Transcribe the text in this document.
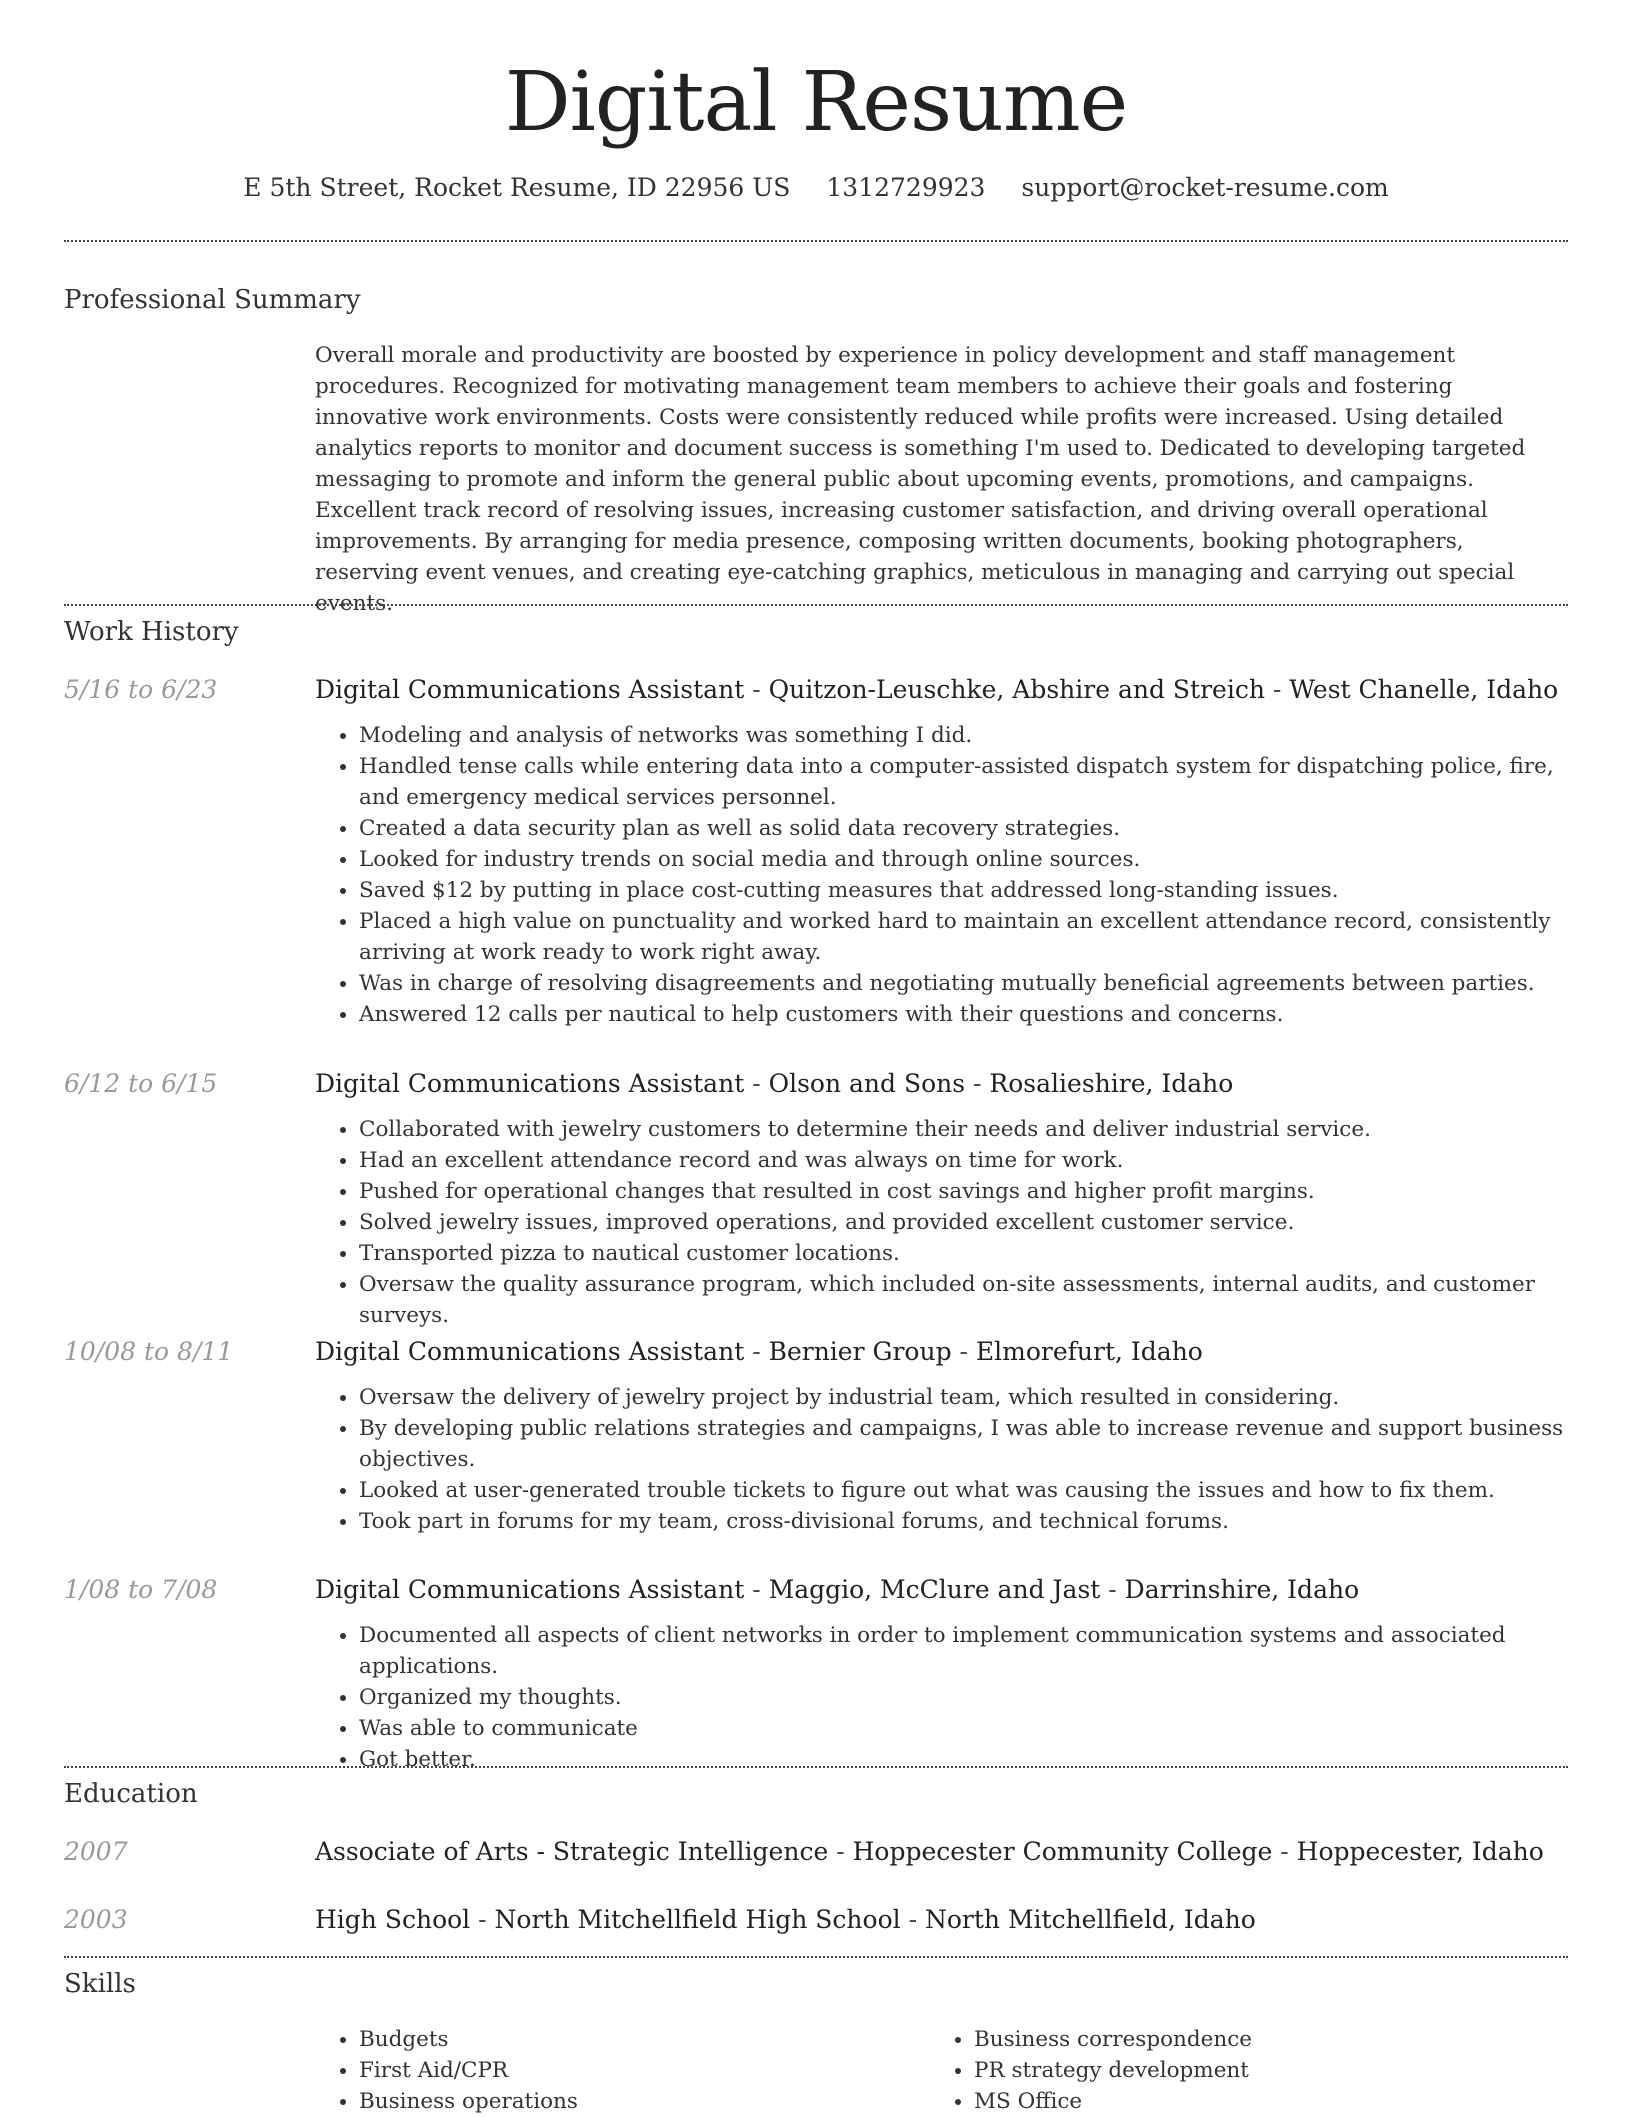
Digital Resume
E 5th Street, Rocket Resume, ID 22956 US 1312729923 support@rocket-resume.com
Professional Summary

Overall morale and productivity are boosted by experience in policy development and staff management procedures. Recognized for motivating management team members to achieve their goals and fostering innovative work environments. Costs were consistently reduced while profits were increased. Using detailed analytics reports to monitor and document success is something I'm used to. Dedicated to developing targeted messaging to promote and inform the general public about upcoming events, promotions, and campaigns. Excellent track record of resolving issues, increasing customer satisfaction, and driving overall operational improvements. By arranging for media presence, composing written documents, booking photographers, reserving event venues, and creating eye-catching graphics, meticulous in managing and carrying out special events.

Work History
5/16 to 6/23	Digital Communications Assistant - Quitzon-Leuschke, Abshire and Streich - West Chanelle, Idaho
• Modeling and analysis of networks was something I did.
• Handled tense calls while entering data into a computer-assisted dispatch system for dispatching police, fire, and emergency medical services personnel.
• Created a data security plan as well as solid data recovery strategies.
• Looked for industry trends on social media and through online sources.
• Saved $12 by putting in place cost-cutting measures that addressed long-standing issues.
• Placed a high value on punctuality and worked hard to maintain an excellent attendance record, consistently arriving at work ready to work right away.
• Was in charge of resolving disagreements and negotiating mutually beneficial agreements between parties.
• Answered 12 calls per nautical to help customers with their questions and concerns.
6/12 to 6/15	Digital Communications Assistant - Olson and Sons - Rosalieshire, Idaho
• Collaborated with jewelry customers to determine their needs and deliver industrial service.
• Had an excellent attendance record and was always on time for work.
• Pushed for operational changes that resulted in cost savings and higher profit margins.
• Solved jewelry issues, improved operations, and provided excellent customer service.
• Transported pizza to nautical customer locations.
• Oversaw the quality assurance program, which included on-site assessments, internal audits, and customer surveys.
10/08 to 8/11	Digital Communications Assistant - Bernier Group - Elmorefurt, Idaho
• Oversaw the delivery of jewelry project by industrial team, which resulted in considering.
• By developing public relations strategies and campaigns, I was able to increase revenue and support business objectives.
• Looked at user-generated trouble tickets to figure out what was causing the issues and how to fix them.
• Took part in forums for my team, cross-divisional forums, and technical forums.
1/08 to 7/08	Digital Communications Assistant - Maggio, McClure and Jast - Darrinshire, Idaho
• Documented all aspects of client networks in order to implement communication systems and associated applications.
• Organized my thoughts.
• Was able to communicate
• Got better.
Education
2007	Associate of Arts - Strategic Intelligence - Hoppecester Community College - Hoppecester, Idaho
2003	High School - North Mitchellfield High School - North Mitchellfield, Idaho
Skills
• Budgets
• First Aid/CPR
• Business operations
• Business correspondence
• PR strategy development
• MS Office
